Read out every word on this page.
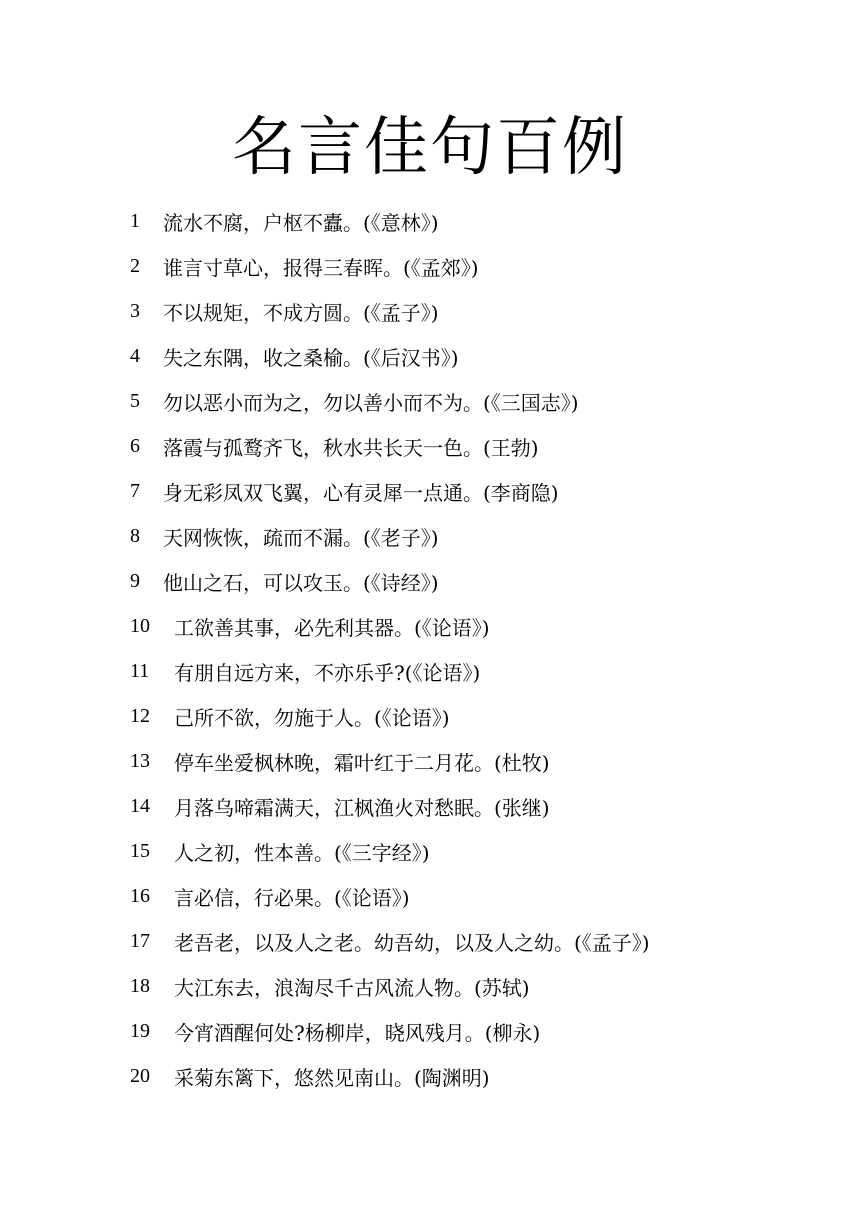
名言佳句百例
1	流水不腐，户枢不蠹。(《意林》)
2	谁言寸草心，报得三春晖。(《孟郊》)
3	不以规矩，不成方圆。(《孟子》)
4	失之东隅，收之桑榆。(《后汉书》)
5	勿以恶小而为之，勿以善小而不为。(《三国志》)
6	落霞与孤鹜齐飞，秋水共长天一色。(王勃)
7	身无彩凤双飞翼，心有灵犀一点通。(李商隐)
8	天网恢恢，疏而不漏。(《老子》)
9	他山之石，可以攻玉。(《诗经》)
10	工欲善其事，必先利其器。(《论语》)
11	有朋自远方来，不亦乐乎?(《论语》)
12	己所不欲，勿施于人。(《论语》)
13	停车坐爱枫林晚，霜叶红于二月花。(杜牧)
14	月落乌啼霜满天，江枫渔火对愁眠。(张继)
15	人之初，性本善。(《三字经》)
16	言必信，行必果。(《论语》)
17	老吾老，以及人之老。幼吾幼，以及人之幼。(《孟子》)
18	大江东去，浪淘尽千古风流人物。(苏轼)
19	今宵酒醒何处?杨柳岸，晓风残月。(柳永)
20	采菊东篱下，悠然见南山。(陶渊明)
